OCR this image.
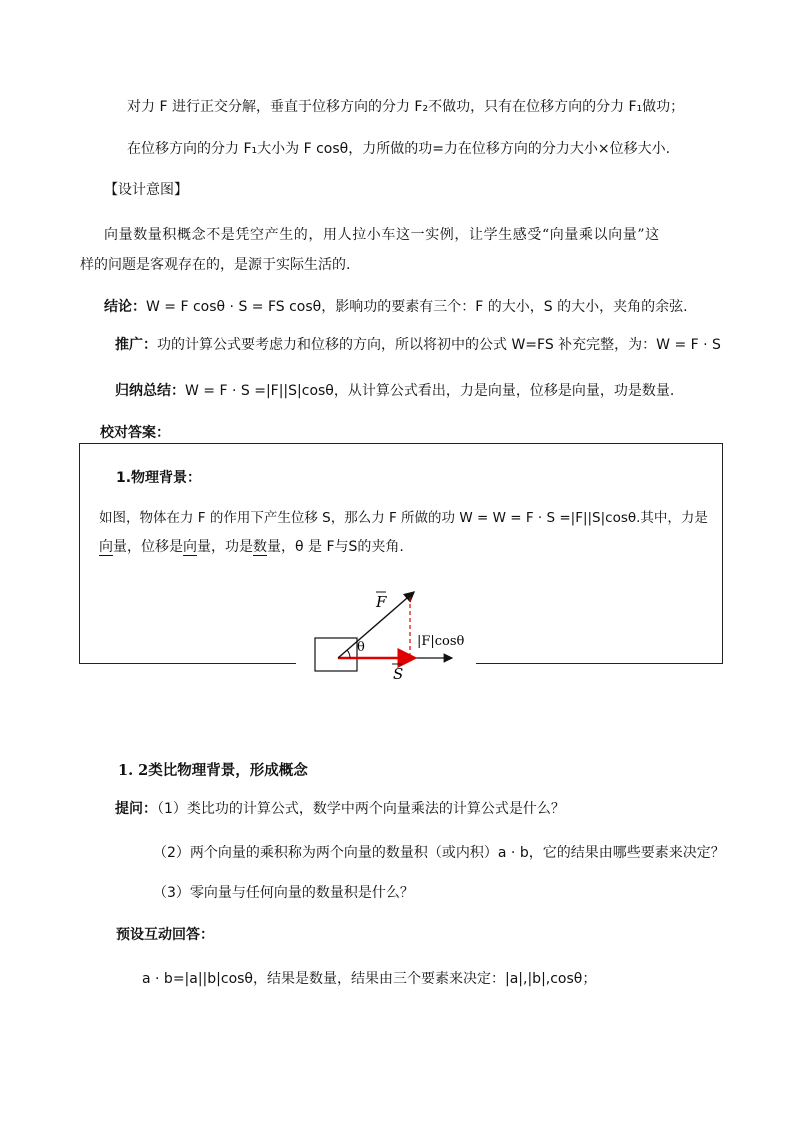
对力 F 进行正交分解，垂直于位移方向的分力 F₂不做功，只有在位移方向的分力 F₁做功；
在位移方向的分力 F₁大小为 F cosθ，力所做的功=力在位移方向的分力大小×位移大小.
【设计意图】
向量数量积概念不是凭空产生的，用人拉小车这一实例，让学生感受“向量乘以向量”这
样的问题是客观存在的，是源于实际生活的.
结论：W = F cosθ · S = FS cosθ，影响功的要素有三个：F 的大小，S 的大小，夹角的余弦.
推广：功的计算公式要考虑力和位移的方向，所以将初中的公式 W=FS 补充完整，为：W = F · S
归纳总结：W = F · S =|F||S|cosθ，从计算公式看出，力是向量，位移是向量，功是数量.
校对答案：
1.物理背景：
如图，物体在力 F 的作用下产生位移 S，那么力 F 所做的功 W = W = F · S =|F||S|cosθ.其中，力是
向量，位移是向量，功是数量，θ 是 F与S的夹角.
θ
F
S
|F|cosθ
1. 2类比物理背景，形成概念
提问：（1）类比功的计算公式，数学中两个向量乘法的计算公式是什么？
（2）两个向量的乘积称为两个向量的数量积（或内积）a · b，它的结果由哪些要素来决定？
（3）零向量与任何向量的数量积是什么？
预设互动回答：
a · b=|a||b|cosθ，结果是数量，结果由三个要素来决定：|a|,|b|,cosθ；
